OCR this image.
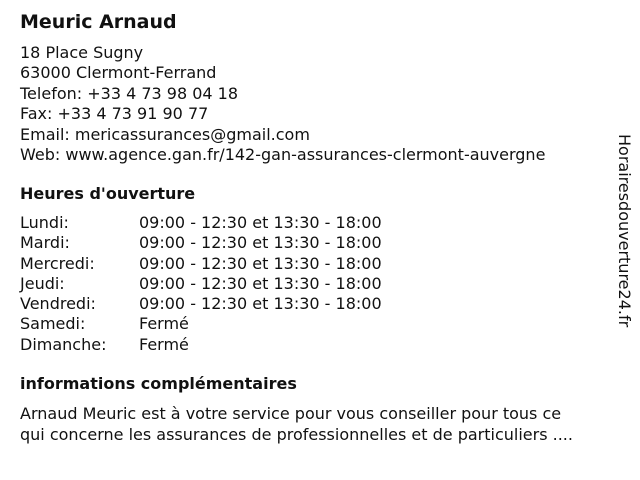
Meuric Arnaud
18 Place Sugny
63000 Clermont-Ferrand
Telefon: +33 4 73 98 04 18
Fax: +33 4 73 91 90 77
Email: mericassurances@gmail.com
Web: www.agence.gan.fr/142-gan-assurances-clermont-auvergne
Heures d'ouverture
Lundi:	09:00 - 12:30 et 13:30 - 18:00
Mardi:	09:00 - 12:30 et 13:30 - 18:00
Mercredi:	09:00 - 12:30 et 13:30 - 18:00
Jeudi:	09:00 - 12:30 et 13:30 - 18:00
Vendredi:	09:00 - 12:30 et 13:30 - 18:00
Samedi:	Fermé
Dimanche:	Fermé
informations complémentaires
Arnaud Meuric est à votre service pour vous conseiller pour tous ce
qui concerne les assurances de professionnelles et de particuliers ....
Horairesdouverture24.fr
